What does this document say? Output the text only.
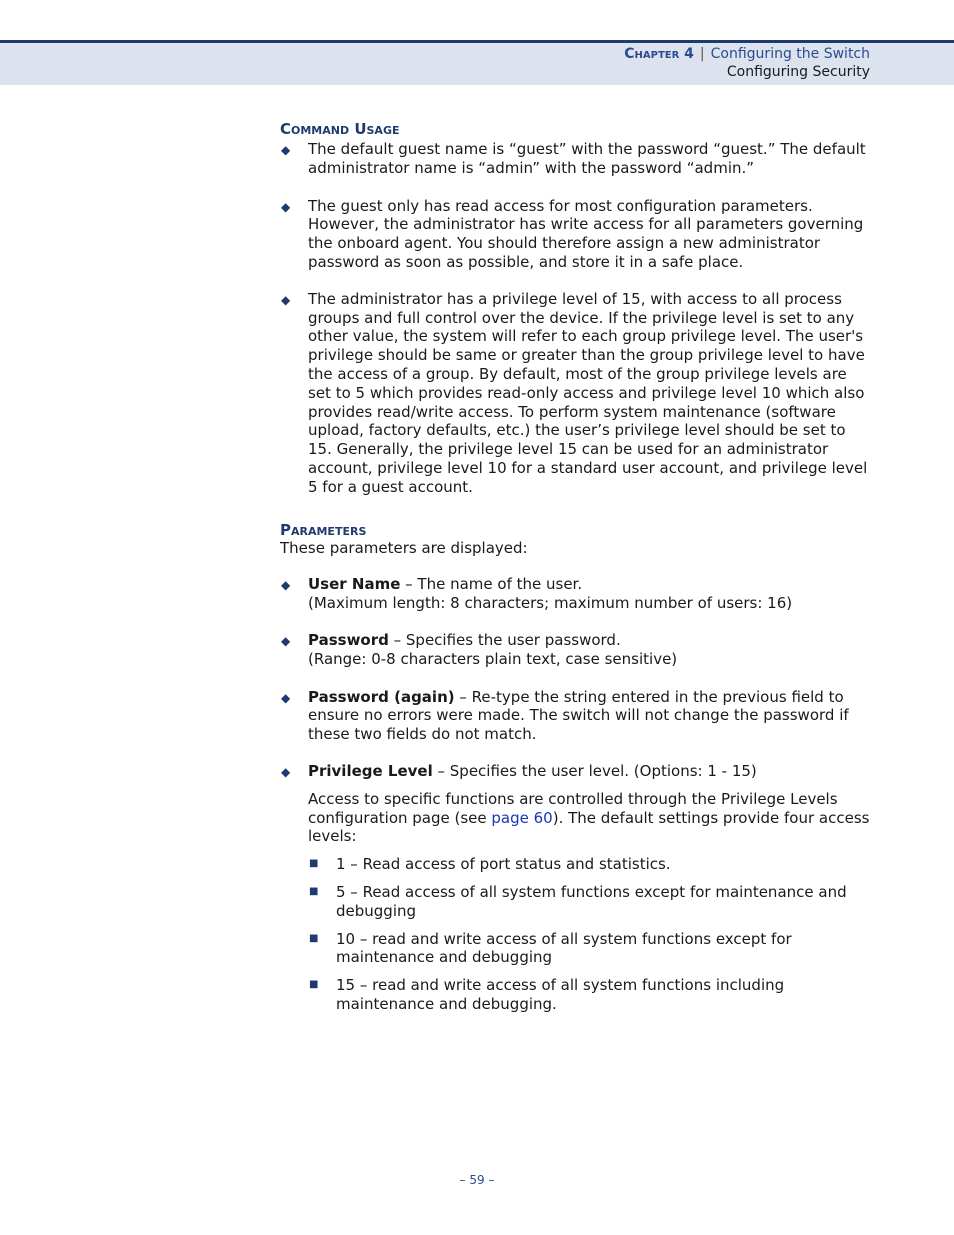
Chapter 4 | Configuring the Switch
Configuring Security
Command Usage
◆ The default guest name is “guest” with the password “guest.” The default administrator name is “admin” with the password “admin.”
◆ The guest only has read access for most configuration parameters. However, the administrator has write access for all parameters governing the onboard agent. You should therefore assign a new administrator password as soon as possible, and store it in a safe place.
◆ The administrator has a privilege level of 15, with access to all process groups and full control over the device. If the privilege level is set to any other value, the system will refer to each group privilege level. The user's privilege should be same or greater than the group privilege level to have the access of a group. By default, most of the group privilege levels are set to 5 which provides read-only access and privilege level 10 which also provides read/write access. To perform system maintenance (software upload, factory defaults, etc.) the user’s privilege level should be set to 15. Generally, the privilege level 15 can be used for an administrator account, privilege level 10 for a standard user account, and privilege level 5 for a guest account.
Parameters

These parameters are displayed:

◆ User Name – The name of the user.
(Maximum length: 8 characters; maximum number of users: 16)
◆ Password – Specifies the user password.
(Range: 0-8 characters plain text, case sensitive)
◆ Password (again) – Re-type the string entered in the previous field to ensure no errors were made. The switch will not change the password if these two fields do not match.
◆ Privilege Level – Specifies the user level. (Options: 1 - 15)
Access to specific functions are controlled through the Privilege Levels configuration page (see page 60). The default settings provide four access levels:
■ 1 – Read access of port status and statistics.
■ 5 – Read access of all system functions except for maintenance and debugging
■ 10 – read and write access of all system functions except for maintenance and debugging
■ 15 – read and write access of all system functions including maintenance and debugging.
– 59 –
